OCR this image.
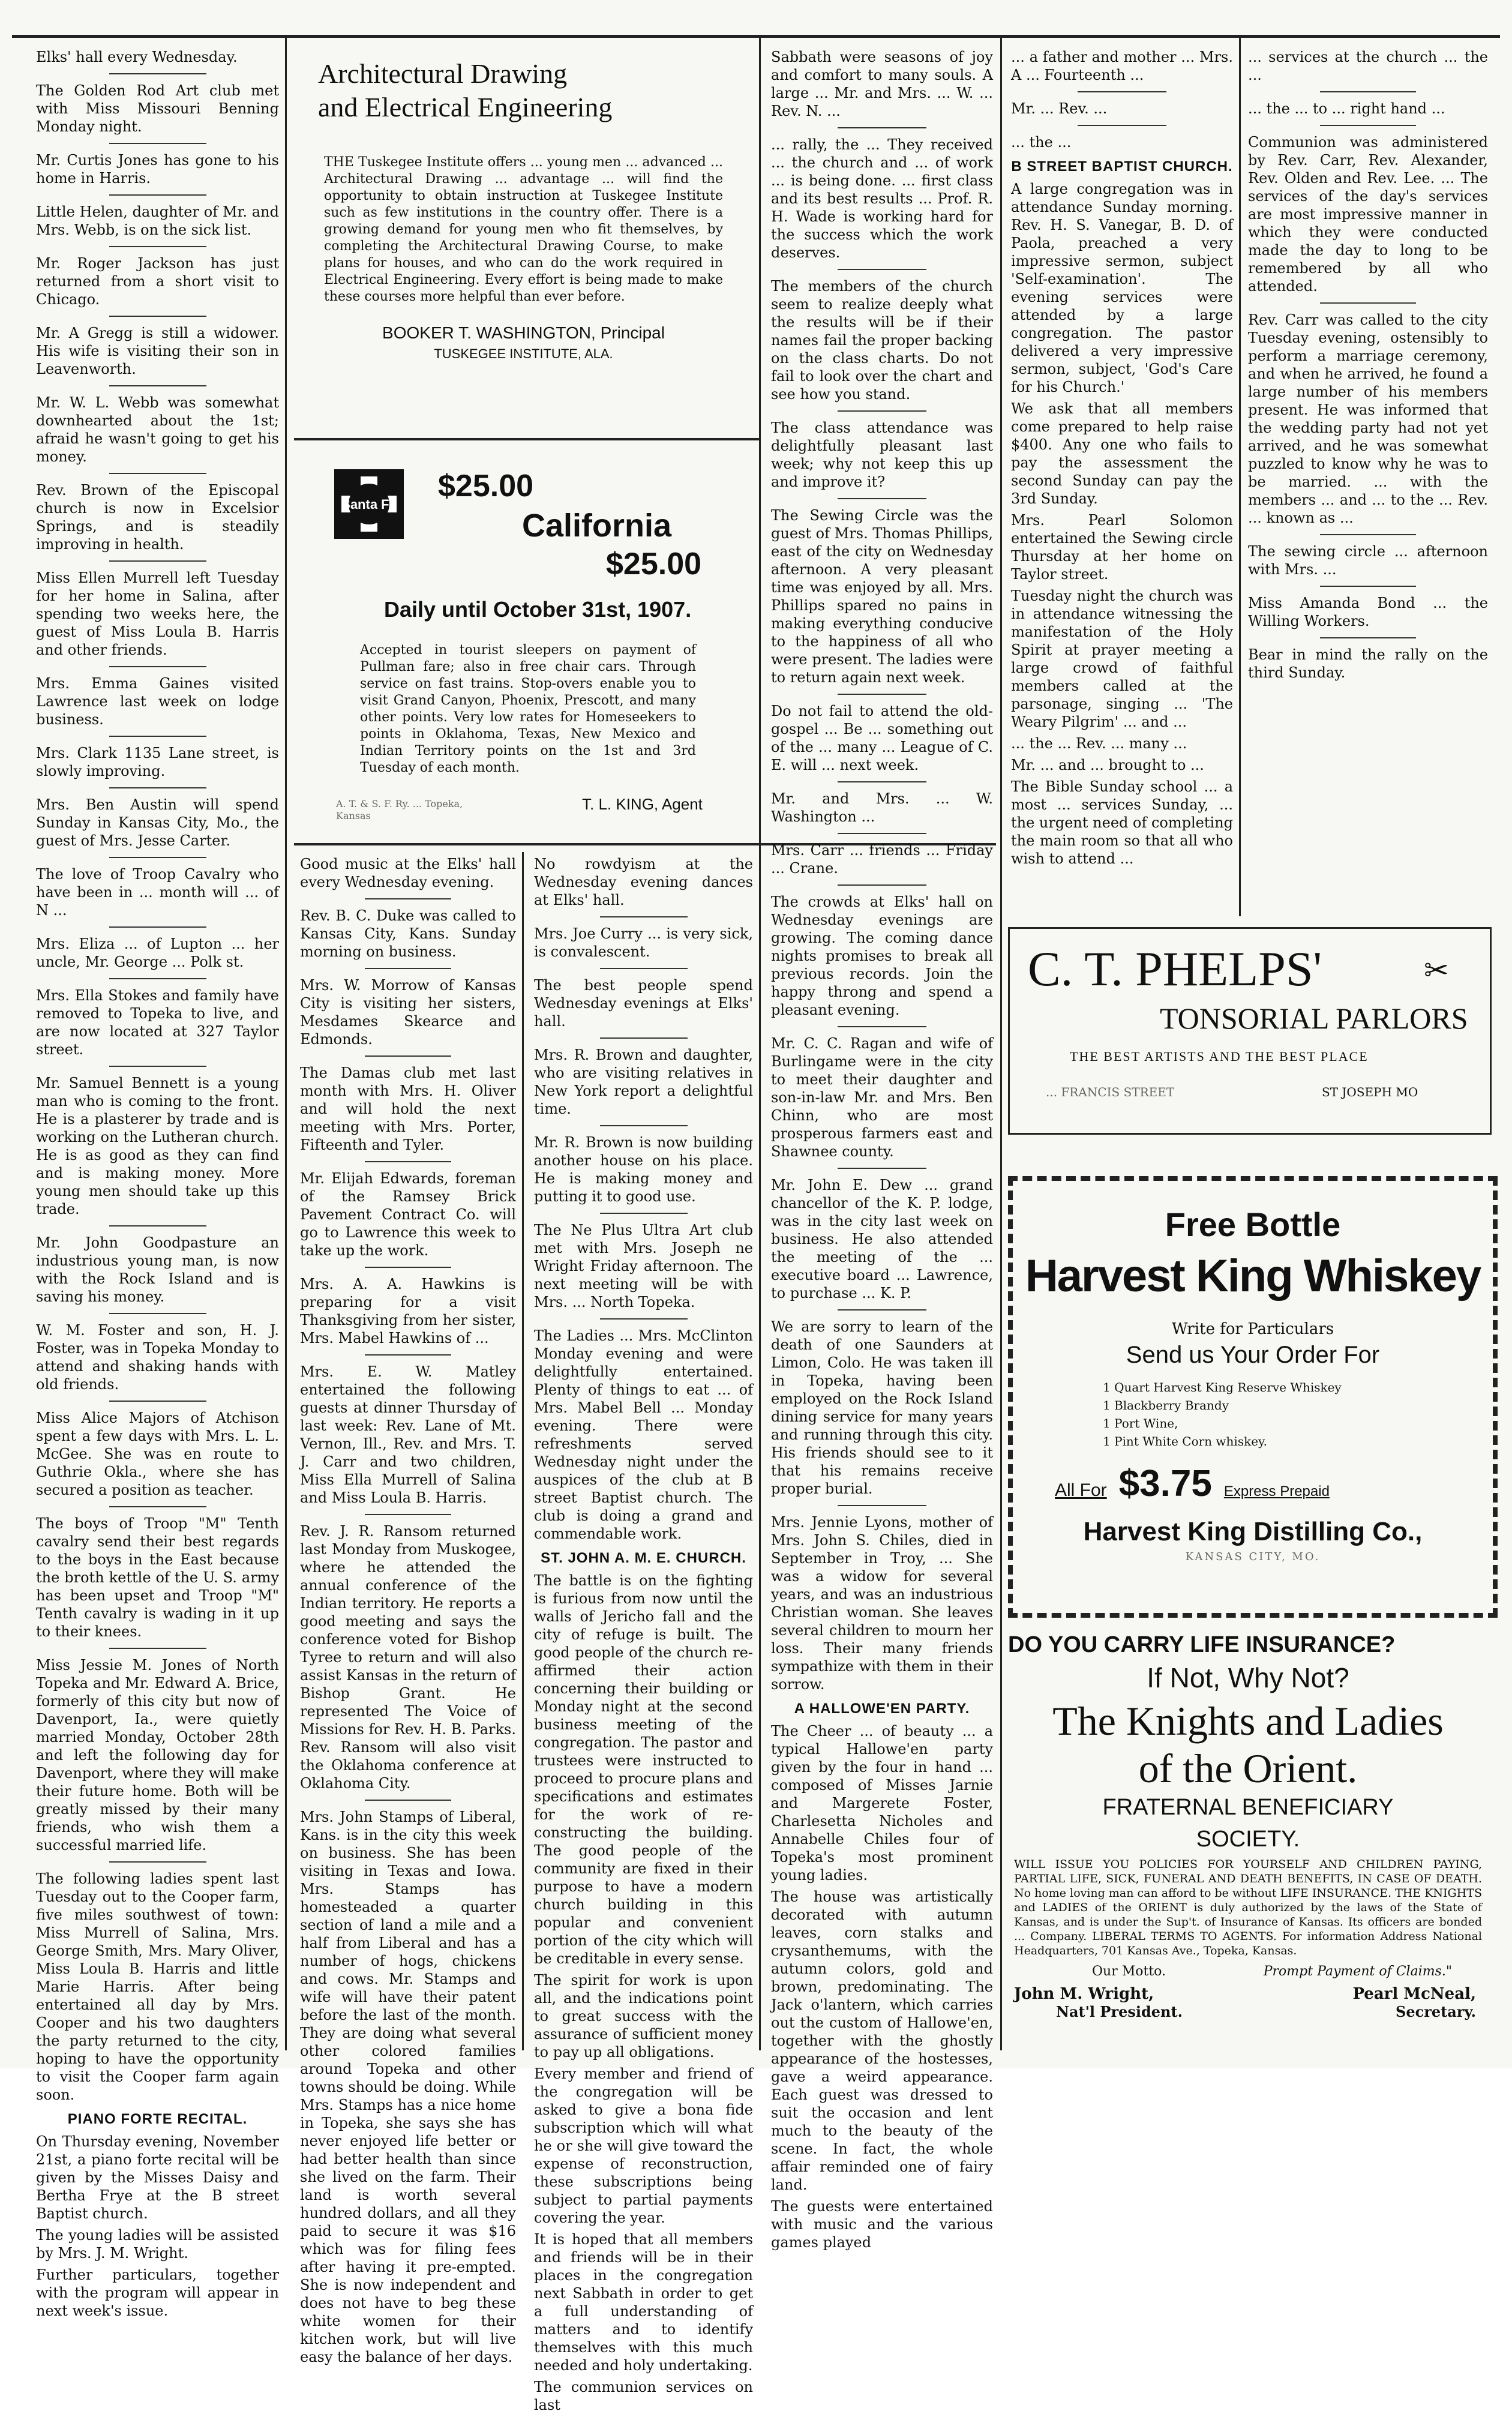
Elks' hall every Wednesday.
The Golden Rod Art club met with Miss Missouri Benning Monday night.
Mr. Curtis Jones has gone to his home in Harris.
Little Helen, daughter of Mr. and Mrs. Webb, is on the sick list.
Mr. Roger Jackson has just returned from a short visit to Chicago.
Mr. A Gregg is still a widower. His wife is visiting their son in Leavenworth.
Mr. W. L. Webb was somewhat downhearted about the 1st; afraid he wasn't going to get his money.
Rev. Brown of the Episcopal church is now in Excelsior Springs, and is steadily improving in health.
Miss Ellen Murrell left Tuesday for her home in Salina, after spending two weeks here, the guest of Miss Loula B. Harris and other friends.
Mrs. Emma Gaines visited Lawrence last week on lodge business.
Mrs. Clark 1135 Lane street, is slowly improving.
Mrs. Ben Austin will spend Sunday in Kansas City, Mo., the guest of Mrs. Jesse Carter.
The love of Troop Cavalry who have been in ... month will ... of N ...
Mrs. Eliza ... of Lupton ... her uncle, Mr. George ... Polk st.
Mrs. Ella Stokes and family have removed to Topeka to live, and are now located at 327 Taylor street.
Mr. Samuel Bennett is a young man who is coming to the front. He is a plasterer by trade and is working on the Lutheran church. He is as good as they can find and is making money. More young men should take up this trade.
Mr. John Goodpasture an industrious young man, is now with the Rock Island and is saving his money.
W. M. Foster and son, H. J. Foster, was in Topeka Monday to attend and shaking hands with old friends.
Miss Alice Majors of Atchison spent a few days with Mrs. L. L. McGee. She was en route to Guthrie Okla., where she has secured a position as teacher.
The boys of Troop "M" Tenth cavalry send their best regards to the boys in the East because the broth kettle of the U. S. army has been upset and Troop "M" Tenth cavalry is wading in it up to their knees.
Miss Jessie M. Jones of North Topeka and Mr. Edward A. Brice, formerly of this city but now of Davenport, Ia., were quietly married Monday, October 28th and left the following day for Davenport, where they will make their future home. Both will be greatly missed by their many friends, who wish them a successful married life.
The following ladies spent last Tuesday out to the Cooper farm, five miles southwest of town: Miss Murrell of Salina, Mrs. George Smith, Mrs. Mary Oliver, Miss Loula B. Harris and little Marie Harris. After being entertained all day by Mrs. Cooper and his two daughters the party returned to the city, hoping to have the opportunity to visit the Cooper farm again soon.
PIANO FORTE RECITAL.
On Thursday evening, November 21st, a piano forte recital will be given by the Misses Daisy and Bertha Frye at the B street Baptist church.
The young ladies will be assisted by Mrs. J. M. Wright.
Further particulars, together with the program will appear in next week's issue.
Architectural Drawing
and Electrical Engineering
THE Tuskegee Institute offers ... young men ... advanced ... Architectural Drawing ... advantage ... will find the opportunity to obtain instruction at Tuskegee Institute such as few institutions in the country offer. There is a growing demand for young men who fit themselves, by completing the Architectural Drawing Course, to make plans for houses, and who can do the work required in Electrical Engineering. Every effort is being made to make these courses more helpful than ever before.
BOOKER T. WASHINGTON, Principal
TUSKEGEE INSTITUTE, ALA.
Santa Fe
$25.00
California
$25.00
Daily until October 31st, 1907.
Accepted in tourist sleepers on payment of Pullman fare; also in free chair cars. Through service on fast trains. Stop-overs enable you to visit Grand Canyon, Phoenix, Prescott, and many other points. Very low rates for Homeseekers to points in Oklahoma, Texas, New Mexico and Indian Territory points on the 1st and 3rd Tuesday of each month.
A. T. & S. F. Ry. ... Topeka, Kansas
T. L. KING, Agent
Good music at the Elks' hall every Wednesday evening.
Rev. B. C. Duke was called to Kansas City, Kans. Sunday morning on business.
Mrs. W. Morrow of Kansas City is visiting her sisters, Mesdames Skearce and Edmonds.
The Damas club met last month with Mrs. H. Oliver and will hold the next meeting with Mrs. Porter, Fifteenth and Tyler.
Mr. Elijah Edwards, foreman of the Ramsey Brick Pavement Contract Co. will go to Lawrence this week to take up the work.
Mrs. A. A. Hawkins is preparing for a visit Thanksgiving from her sister, Mrs. Mabel Hawkins of ...
Mrs. E. W. Matley entertained the following guests at dinner Thursday of last week: Rev. Lane of Mt. Vernon, Ill., Rev. and Mrs. T. J. Carr and two children, Miss Ella Murrell of Salina and Miss Loula B. Harris.
Rev. J. R. Ransom returned last Monday from Muskogee, where he attended the annual conference of the Indian territory. He reports a good meeting and says the conference voted for Bishop Tyree to return and will also assist Kansas in the return of Bishop Grant. He represented The Voice of Missions for Rev. H. B. Parks. Rev. Ransom will also visit the Oklahoma conference at Oklahoma City.
Mrs. John Stamps of Liberal, Kans. is in the city this week on business. She has been visiting in Texas and Iowa. Mrs. Stamps has homesteaded a quarter section of land a mile and a half from Liberal and has a number of hogs, chickens and cows. Mr. Stamps and wife will have their patent before the last of the month. They are doing what several other colored families around Topeka and other towns should be doing. While Mrs. Stamps has a nice home in Topeka, she says she has never enjoyed life better or had better health than since she lived on the farm. Their land is worth several hundred dollars, and all they paid to secure it was $16 which was for filing fees after having it pre-empted. She is now independent and does not have to beg these white women for their kitchen work, but will live easy the balance of her days.
No rowdyism at the Wednesday evening dances at Elks' hall.
Mrs. Joe Curry ... is very sick, is convalescent.
The best people spend Wednesday evenings at Elks' hall.
Mrs. R. Brown and daughter, who are visiting relatives in New York report a delightful time.
Mr. R. Brown is now building another house on his place. He is making money and putting it to good use.
The Ne Plus Ultra Art club met with Mrs. Joseph ne Wright Friday afternoon. The next meeting will be with Mrs. ... North Topeka.
The Ladies ... Mrs. McClinton Monday evening and were delightfully entertained. Plenty of things to eat ... of Mrs. Mabel Bell ... Monday evening. There were refreshments served Wednesday night under the auspices of the club at B street Baptist church. The club is doing a grand and commendable work.
ST. JOHN A. M. E. CHURCH.
The battle is on the fighting is furious from now until the walls of Jericho fall and the city of refuge is built. The good people of the church re-affirmed their action concerning their building or Monday night at the second business meeting of the congregation. The pastor and trustees were instructed to proceed to procure plans and specifications and estimates for the work of re-constructing the building. The good people of the community are fixed in their purpose to have a modern church building in this popular and convenient portion of the city which will be creditable in every sense.
The spirit for work is upon all, and the indications point to great success with the assurance of sufficient money to pay up all obligations.
Every member and friend of the congregation will be asked to give a bona fide subscription which will what he or she will give toward the expense of reconstruction, these subscriptions being subject to partial payments covering the year.
It is hoped that all members and friends will be in their places in the congregation next Sabbath in order to get a full understanding of matters and to identify themselves with this much needed and holy undertaking.
The communion services on last
Sabbath were seasons of joy and comfort to many souls. A large ... Mr. and Mrs. ... W. ... Rev. N. ...
... rally, the ... They received ... the church and ... of work ... is being done. ... first class and its best results ... Prof. R. H. Wade is working hard for the success which the work deserves.
The members of the church seem to realize deeply what the results will be if their names fail the proper backing on the class charts. Do not fail to look over the chart and see how you stand.
The class attendance was delightfully pleasant last week; why not keep this up and improve it?
The Sewing Circle was the guest of Mrs. Thomas Phillips, east of the city on Wednesday afternoon. A very pleasant time was enjoyed by all. Mrs. Phillips spared no pains in making everything conducive to the happiness of all who were present. The ladies were to return again next week.
Do not fail to attend the old-gospel ... Be ... something out of the ... many ... League of C. E. will ... next week.
Mr. and Mrs. ... W. Washington ...
Mrs. Carr ... friends ... Friday ... Crane.
The crowds at Elks' hall on Wednesday evenings are growing. The coming dance nights promises to break all previous records. Join the happy throng and spend a pleasant evening.
Mr. C. C. Ragan and wife of Burlingame were in the city to meet their daughter and son-in-law Mr. and Mrs. Ben Chinn, who are most prosperous farmers east and Shawnee county.
Mr. John E. Dew ... grand chancellor of the K. P. lodge, was in the city last week on business. He also attended the meeting of the ... executive board ... Lawrence, to purchase ... K. P.
We are sorry to learn of the death of one Saunders at Limon, Colo. He was taken ill in Topeka, having been employed on the Rock Island dining service for many years and running through this city. His friends should see to it that his remains receive proper burial.
Mrs. Jennie Lyons, mother of Mrs. John S. Chiles, died in September in Troy, ... She was a widow for several years, and was an industrious Christian woman. She leaves several children to mourn her loss. Their many friends sympathize with them in their sorrow.
A HALLOWE'EN PARTY.
The Cheer ... of beauty ... a typical Hallowe'en party given by the four in hand ... composed of Misses Jarnie and Margerete Foster, Charlesetta Nicholes and Annabelle Chiles four of Topeka's most prominent young ladies.
The house was artistically decorated with autumn leaves, corn stalks and crysanthemums, with the autumn colors, gold and brown, predominating. The Jack o'lantern, which carries out the custom of Hallowe'en, together with the ghostly appearance of the hostesses, gave a weird appearance. Each guest was dressed to suit the occasion and lent much to the beauty of the scene. In fact, the whole affair reminded one of fairy land.
The guests were entertained with music and the various games played
... a father and mother ... Mrs. A ... Fourteenth ...
Mr. ... Rev. ...
... the ...
B STREET BAPTIST CHURCH.
A large congregation was in attendance Sunday morning. Rev. H. S. Vanegar, B. D. of Paola, preached a very impressive sermon, subject 'Self-examination'. The evening services were attended by a large congregation. The pastor delivered a very impressive sermon, subject, 'God's Care for his Church.'
We ask that all members come prepared to help raise $400. Any one who fails to pay the assessment the second Sunday can pay the 3rd Sunday.
Mrs. Pearl Solomon entertained the Sewing circle Thursday at her home on Taylor street.
Tuesday night the church was in attendance witnessing the manifestation of the Holy Spirit at prayer meeting a large crowd of faithful members called at the parsonage, singing ... 'The Weary Pilgrim' ... and ...
... the ... Rev. ... many ...
Mr. ... and ... brought to ...
The Bible Sunday school ... a most ... services Sunday, ... the urgent need of completing the main room so that all who wish to attend ...
... services at the church ... the ...
... the ... to ... right hand ...
Communion was administered by Rev. Carr, Rev. Alexander, Rev. Olden and Rev. Lee. ... The services of the day's services are most impressive manner in which they were conducted made the day to long to be remembered by all who attended.
Rev. Carr was called to the city Tuesday evening, ostensibly to perform a marriage ceremony, and when he arrived, he found a large number of his members present. He was informed that the wedding party had not yet arrived, and he was somewhat puzzled to know why he was to be married. ... with the members ... and ... to the ... Rev. ... known as ...
The sewing circle ... afternoon with Mrs. ...
Miss Amanda Bond ... the Willing Workers.
Bear in mind the rally on the third Sunday.
C. T. PHELPS'	✂
TONSORIAL PARLORS
THE BEST ARTISTS AND THE BEST PLACE
... FRANCIS STREET	ST JOSEPH MO
Free Bottle
Harvest King Whiskey
Write for Particulars
Send us Your Order For
1 Quart Harvest King Reserve Whiskey
1 Blackberry Brandy
1 Port Wine,
1 Pint White Corn whiskey.
All For $3.75 Express Prepaid
Harvest King Distilling Co.,
KANSAS CITY, MO.
DO YOU CARRY LIFE INSURANCE?
If Not, Why Not?
The Knights and Ladies
of the Orient.
FRATERNAL BENEFICIARY
SOCIETY.
WILL ISSUE YOU POLICIES FOR YOURSELF AND CHILDREN PAYING, PARTIAL LIFE, SICK, FUNERAL AND DEATH BENEFITS, IN CASE OF DEATH. No home loving man can afford to be without LIFE INSURANCE. THE KNIGHTS and LADIES of the ORIENT is duly authorized by the laws of the State of Kansas, and is under the Sup't. of Insurance of Kansas. Its officers are bonded ... Company. LIBERAL TERMS TO AGENTS. For information Address National Headquarters, 701 Kansas Ave., Topeka, Kansas.
Our Motto.	Prompt Payment of Claims."
John M. Wright,	Pearl McNeal,
Nat'l President.	Secretary.
